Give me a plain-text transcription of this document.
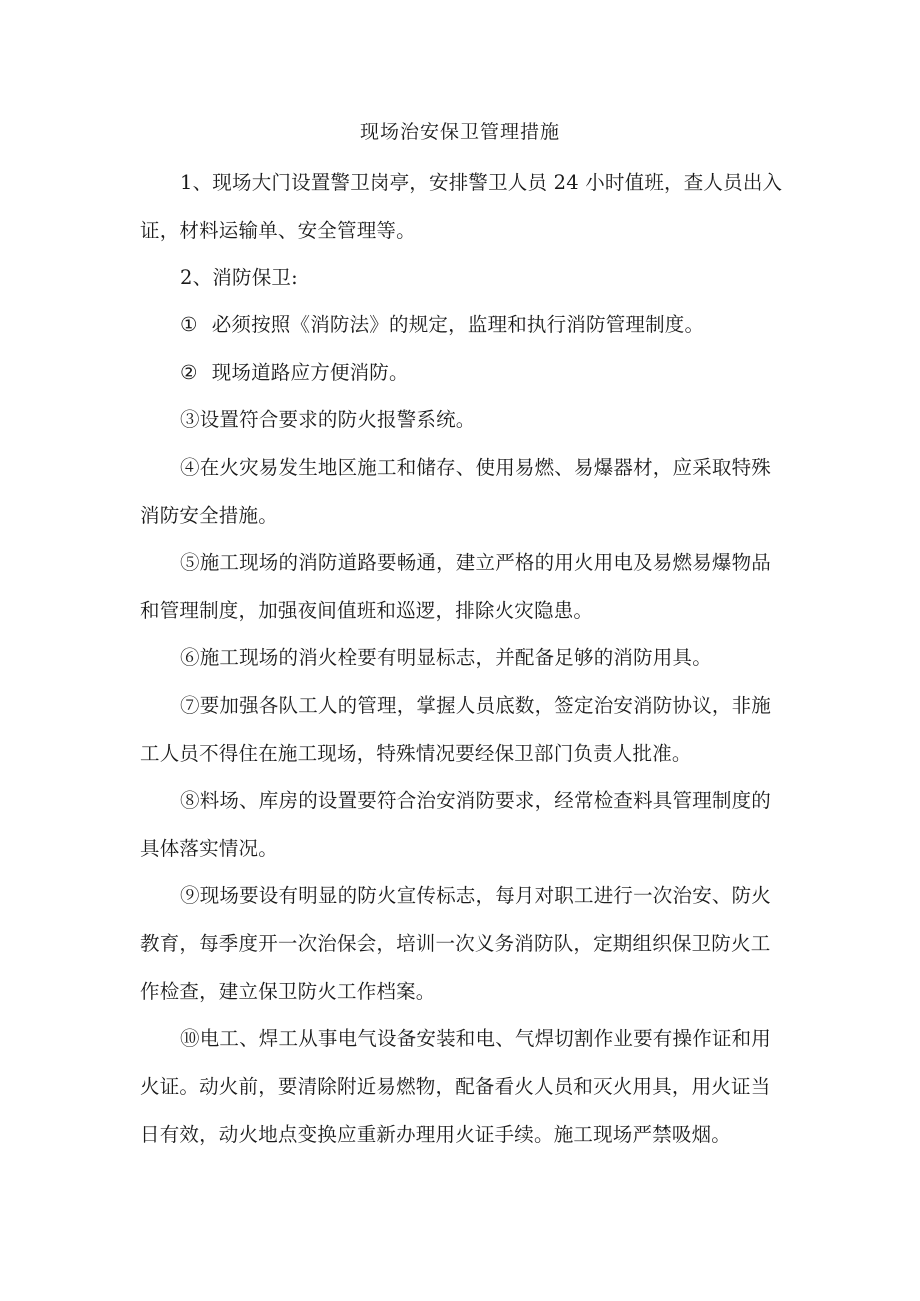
现场治安保卫管理措施
1、现场大门设置警卫岗亭，安排警卫人员 24 小时值班，查人员出入
证，材料运输单、安全管理等。
2、消防保卫:
① 必须按照《消防法》的规定，监理和执行消防管理制度。
② 现场道路应方便消防。
③设置符合要求的防火报警系统。
④在火灾易发生地区施工和储存、使用易燃、易爆器材，应采取特殊
消防安全措施。
⑤施工现场的消防道路要畅通，建立严格的用火用电及易燃易爆物品
和管理制度，加强夜间值班和巡逻，排除火灾隐患。
⑥施工现场的消火栓要有明显标志，并配备足够的消防用具。
⑦要加强各队工人的管理，掌握人员底数，签定治安消防协议，非施
工人员不得住在施工现场，特殊情况要经保卫部门负责人批准。
⑧料场、库房的设置要符合治安消防要求，经常检查料具管理制度的
具体落实情况。
⑨现场要设有明显的防火宣传标志，每月对职工进行一次治安、防火
教育，每季度开一次治保会，培训一次义务消防队，定期组织保卫防火工
作检查，建立保卫防火工作档案。
⑩电工、焊工从事电气设备安装和电、气焊切割作业要有操作证和用
火证。动火前，要清除附近易燃物，配备看火人员和灭火用具，用火证当
日有效，动火地点变换应重新办理用火证手续。施工现场严禁吸烟。
